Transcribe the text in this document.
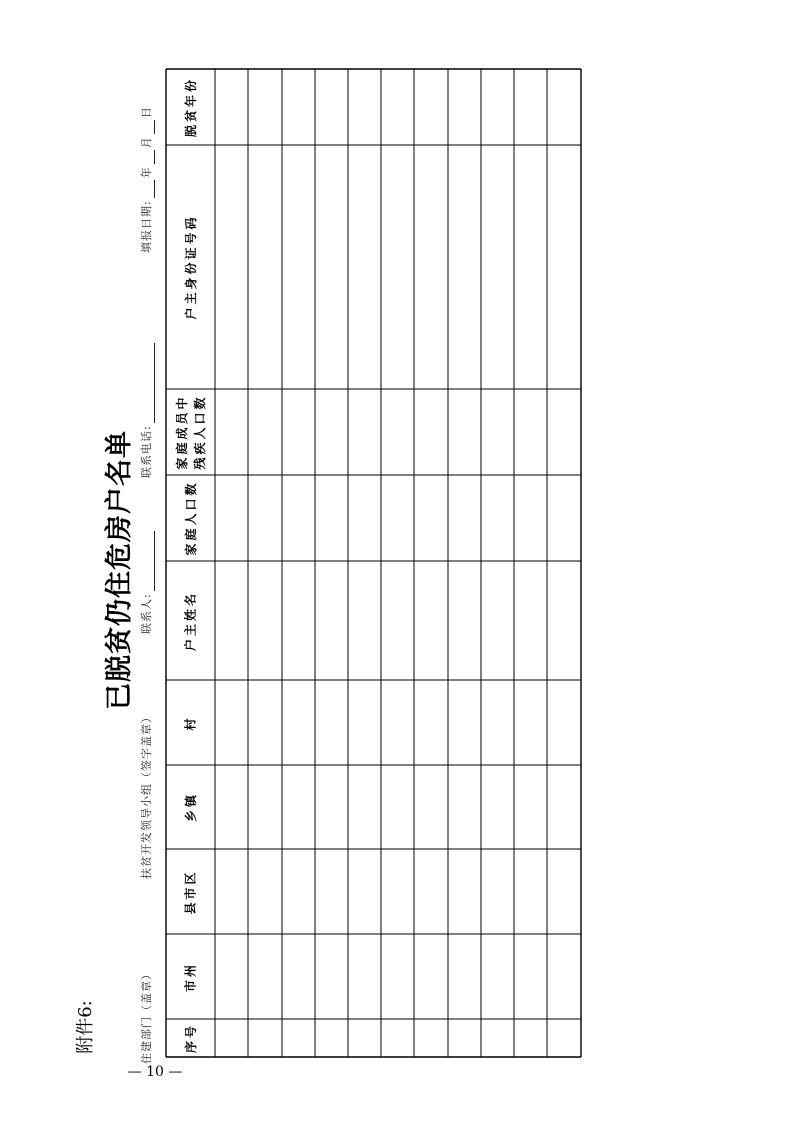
附件6:
已脱贫仍住危房户名单
住建部门（盖章）
扶贫开发领导小组（签字盖章）
联系人:
联系电话:
填报日期:年月日
序号
市州
县市区
乡镇
村
户主姓名
家庭人口数
家庭成员中 残疾人口数
户主身份证号码
脱贫年份
— 10 —
